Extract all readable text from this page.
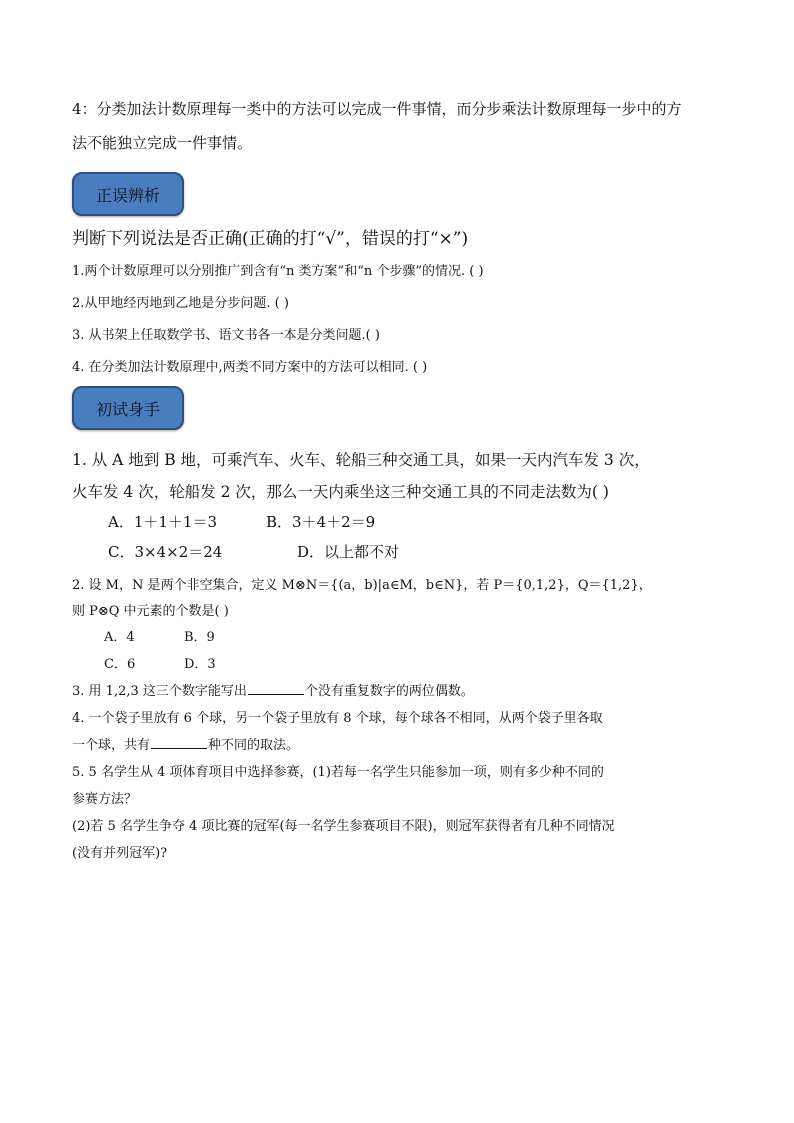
4：分类加法计数原理每一类中的方法可以完成一件事情，而分步乘法计数原理每一步中的方
法不能独立完成一件事情。
正误辨析
判断下列说法是否正确(正确的打“√”，错误的打“×”)
1.两个计数原理可以分别推广到含有“n 类方案”和“n 个步骤”的情况. ( )
2.从甲地经丙地到乙地是分步问题. ( )
3. 从书架上任取数学书、语文书各一本是分类问题.( )
4. 在分类加法计数原理中,两类不同方案中的方法可以相同. ( )
初试身手
1. 从 A 地到 B 地，可乘汽车、火车、轮船三种交通工具，如果一天内汽车发 3 次，
火车发 4 次，轮船发 2 次，那么一天内乘坐这三种交通工具的不同走法数为( )
A．1＋1＋1＝3	B．3＋4＋2＝9
C．3×4×2＝24	D．以上都不对
2. 设 M，N 是两个非空集合，定义 M⊗N＝{(a，b)|a∈M，b∈N}，若 P＝{0,1,2}，Q＝{1,2}，
则 P⊗Q 中元素的个数是( )
A．4	B．9
C．6	D．3
3. 用 1,2,3 这三个数字能写出	个没有重复数字的两位偶数。
4. 一个袋子里放有 6 个球，另一个袋子里放有 8 个球，每个球各不相同，从两个袋子里各取
一个球，共有	种不同的取法。
5. 5 名学生从 4 项体育项目中选择参赛，(1)若每一名学生只能参加一项，则有多少种不同的
参赛方法？
(2)若 5 名学生争夺 4 项比赛的冠军(每一名学生参赛项目不限)，则冠军获得者有几种不同情况
(没有并列冠军)?
